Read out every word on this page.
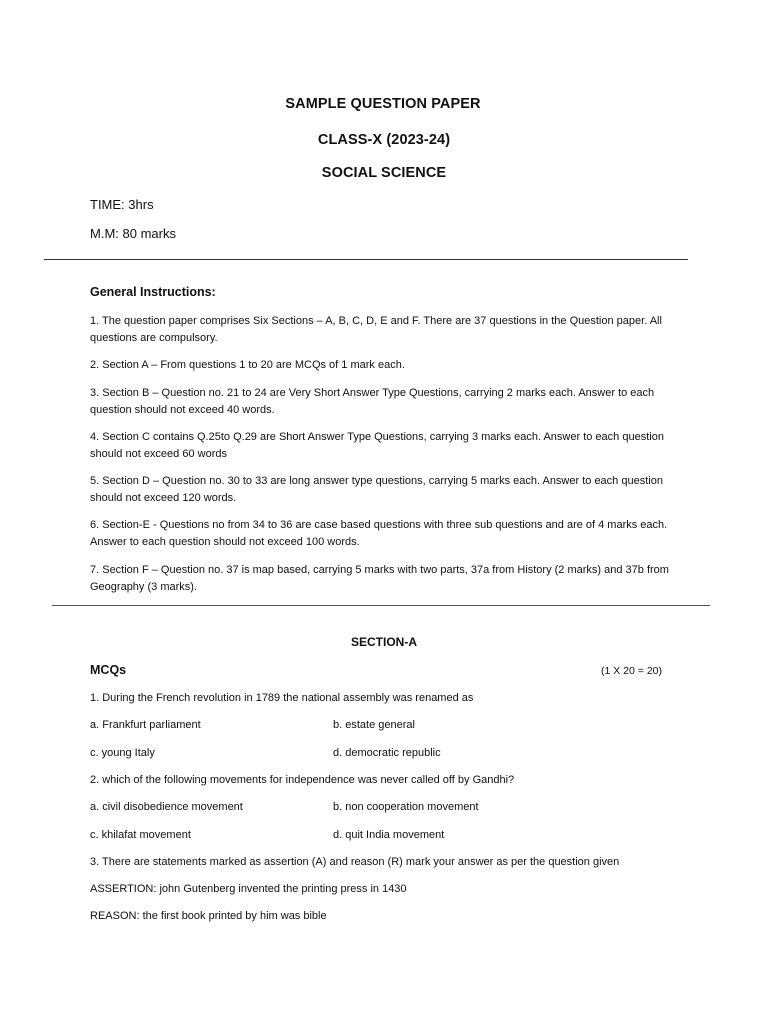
SAMPLE QUESTION PAPER
CLASS-X (2023-24)
SOCIAL SCIENCE
TIME: 3hrs
M.M: 80 marks
General Instructions:

1. The question paper comprises Six Sections – A, B, C, D, E and F. There are 37 questions in the Question paper. All questions are compulsory.

2. Section A – From questions 1 to 20 are MCQs of 1 mark each.

3. Section B – Question no. 21 to 24 are Very Short Answer Type Questions, carrying 2 marks each. Answer to each question should not exceed 40 words.

4. Section C contains Q.25to Q.29 are Short Answer Type Questions, carrying 3 marks each. Answer to each question should not exceed 60 words

5. Section D – Question no. 30 to 33 are long answer type questions, carrying 5 marks each. Answer to each question should not exceed 120 words.

6. Section-E - Questions no from 34 to 36 are case based questions with three sub questions and are of 4 marks each. Answer to each question should not exceed 100 words.

7. Section F – Question no. 37 is map based, carrying 5 marks with two parts, 37a from History (2 marks) and 37b from Geography (3 marks).

SECTION-A
MCQs	(1 X 20 = 20)
1. During the French revolution in 1789 the national assembly was renamed as
a. Frankfurt parliament	b. estate general
c. young Italy	d. democratic republic
2. which of the following movements for independence was never called off by Gandhi?
a. civil disobedience movement	b. non cooperation movement
c. khilafat movement	d. quit India movement
3. There are statements marked as assertion (A) and reason (R) mark your answer as per the question given
ASSERTION: john Gutenberg invented the printing press in 1430
REASON: the first book printed by him was bible
